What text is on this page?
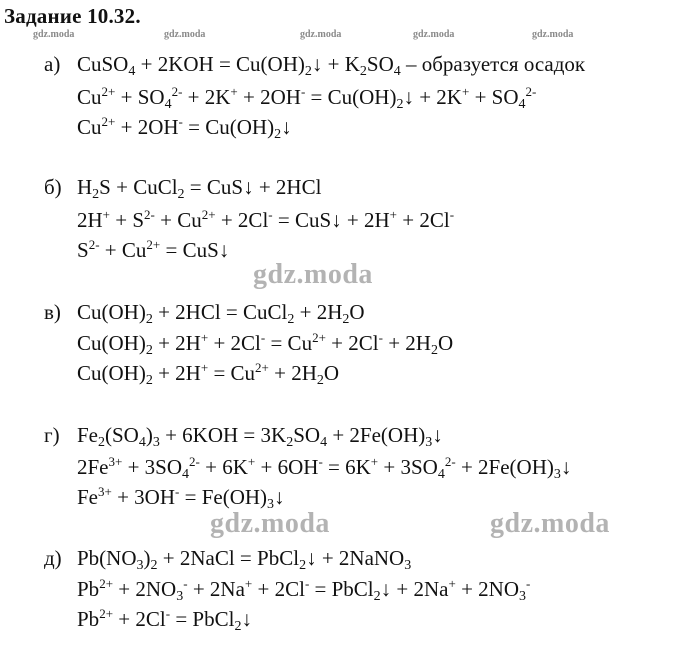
Задание 10.32.
gdz.moda	gdz.moda	gdz.moda	gdz.moda	gdz.moda
gdz.moda
gdz.moda	gdz.moda
а) CuSO$_4$ + $2KOH = Cu(OH)_2↓ + K_2SO_4$ – образуется осадок
$Cu^{2+} + SO_4^{2-} + 2K^+ + 2OH^-$ = $Cu(OH)_2↓ + 2K^+ + SO_4^{2-}$
$Cu^{2+} + 2OH^-$ = $Cu(OH)_2↓$
б) $H_2S$ + CuCl$_2$ = CuS↓ + 2HCl
$2H^+ + S^{2-} + Cu^{2+} + 2Cl^-$ = CuS↓ + 2H+ + 2Cl-
$S^{2-} + Cu^{2+}$ = CuS↓
в) $Cu(OH)_2 + 2HCl$ = CuCl$_2$ + $2H_2O$
$Cu(OH)_2 + 2H^+ + 2Cl^- = Cu^{2+} + 2Cl^- + 2H_2O$
$Cu(OH)_2 + 2H^+ = Cu^{2+} + 2H_2O$
г) $Fe_2(SO_4)_3 + 6KOH = 3K_2SO_4$ + $2Fe(OH)_3↓$
$2Fe^{3+} + 3SO_4^{2-} + 6K^+ + 6OH^- = 6K^+ + 3SO_4^{2-}$ + $2Fe(OH)_3↓$
$Fe^{3+} + 3OH^-$ = $Fe(OH)_3↓$
д) $Pb(NO_3)_2$ + 2NaCl = PbCl$_2$↓ + 2NaNO$_3$
$Pb^{2+} + 2NO_3^- + 2Na^+ + 2Cl^-$ = PbCl$_2$↓ + $2Na^+ + 2NO_3^-$
$Pb^{2+} + 2Cl^-$ = PbCl$_2$↓
